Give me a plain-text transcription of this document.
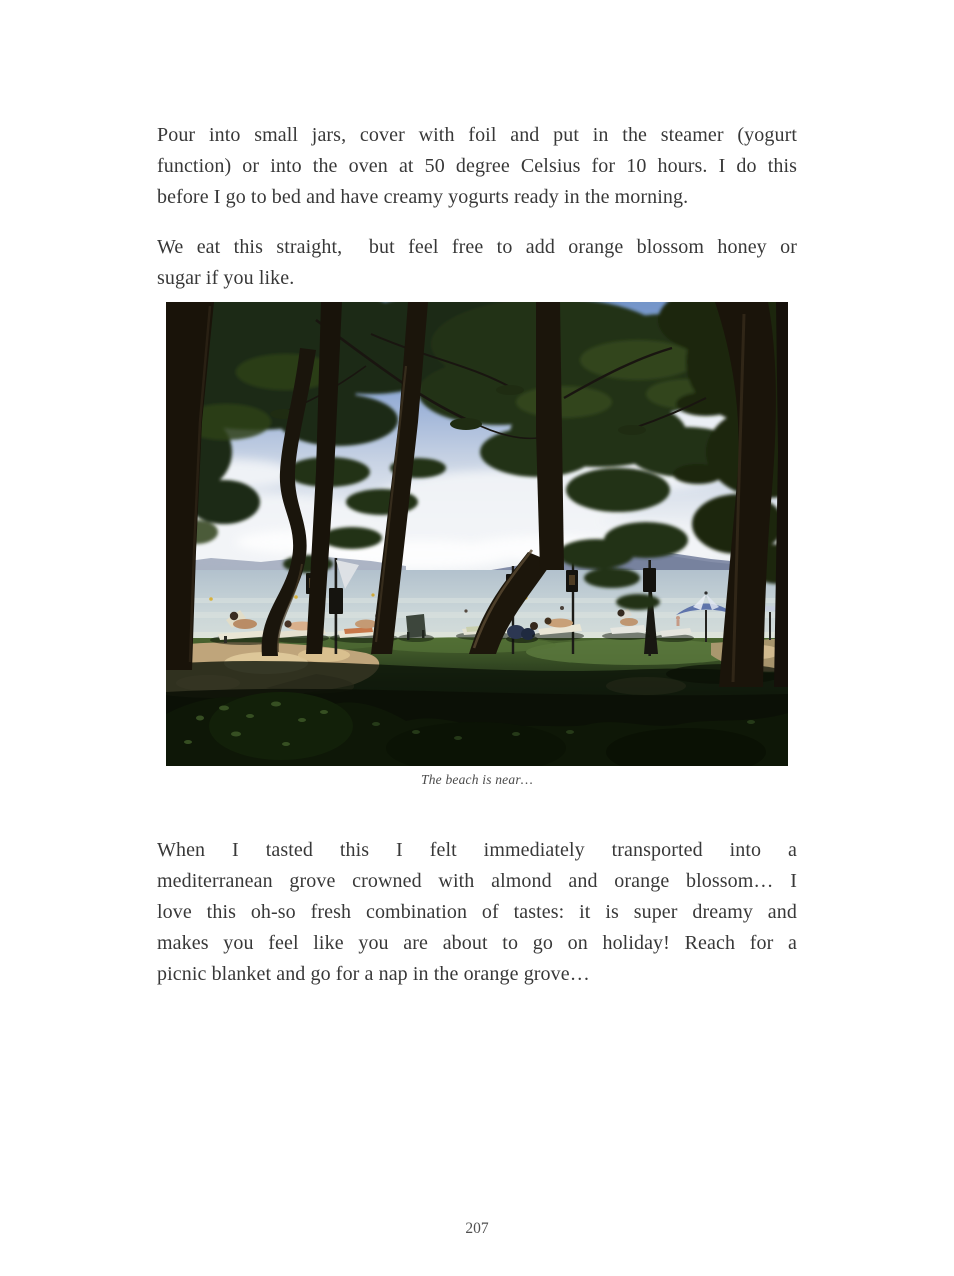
Pour into small jars, cover with foil and put in the steamer (yogurt
function) or into the oven at 50 degree Celsius for 10 hours. I do this
before I go to bed and have creamy yogurts ready in the morning.
We eat this straight,  but feel free to add orange blossom honey or
sugar if you like.
The beach is near…
When I tasted this I felt immediately transported into a
mediterranean grove crowned with almond and orange blossom… I
love this oh-so fresh combination of tastes: it is super dreamy and
makes you feel like you are about to go on holiday! Reach for a
picnic blanket and go for a nap in the orange grove…
207
